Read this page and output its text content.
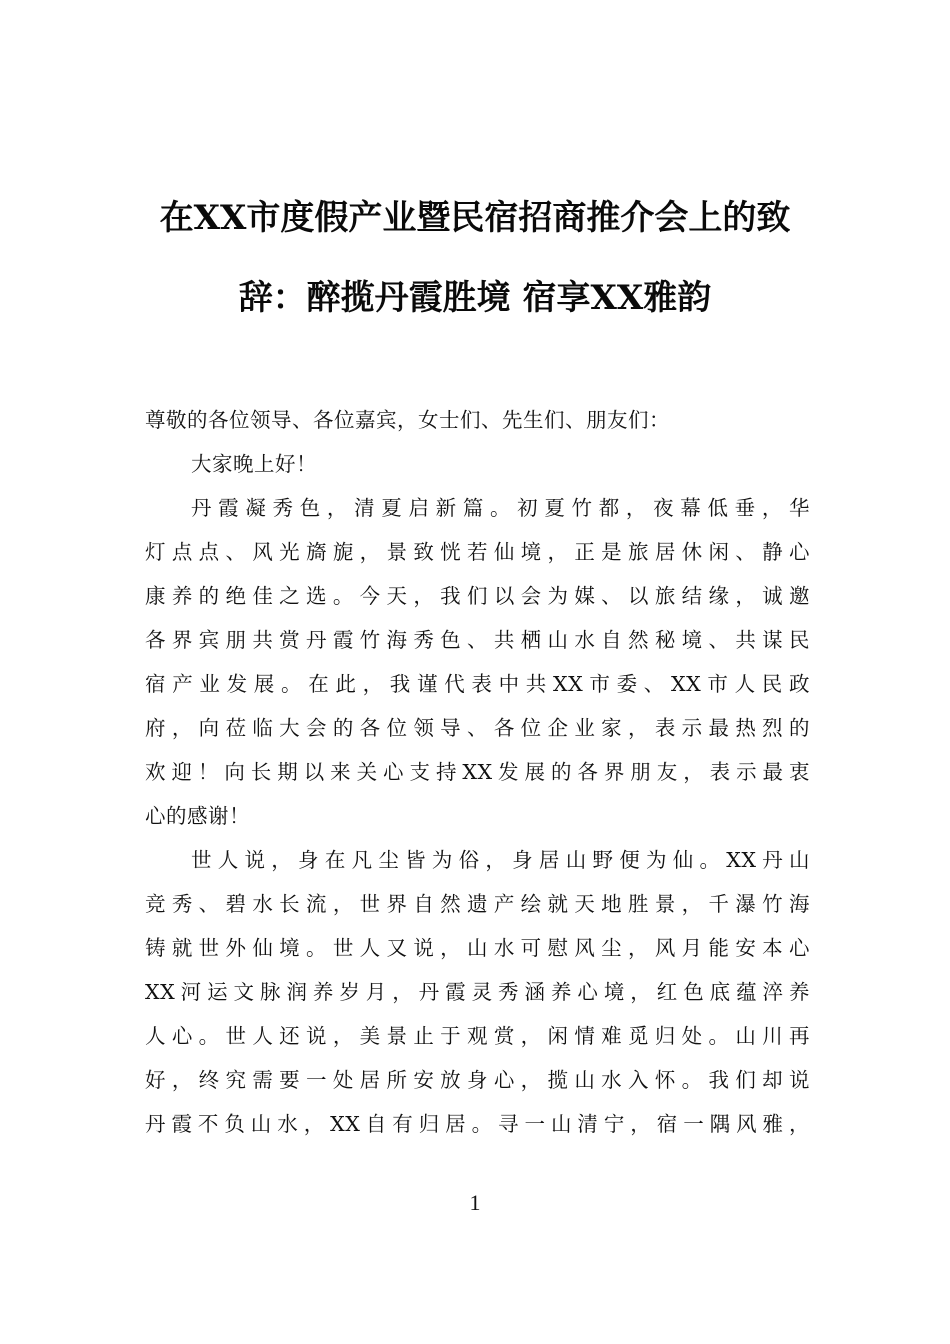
在XX市度假产业暨民宿招商推介会上的致
辞：醉揽丹霞胜境 宿享XX雅韵
尊敬的各位领导、各位嘉宾，女士们、先生们、朋友们：
大家晚上好！
丹霞凝秀色，清夏启新篇。初夏竹都，夜幕低垂，华
灯点点、风光旖旎，景致恍若仙境，正是旅居休闲、静心
康养的绝佳之选。今天，我们以会为媒、以旅结缘，诚邀
各界宾朋共赏丹霞竹海秀色、共栖山水自然秘境、共谋民
宿产业发展。在此，我谨代表中共XX市委、XX市人民政
府，向莅临大会的各位领导、各位企业家，表示最热烈的
欢迎！向长期以来关心支持XX发展的各界朋友，表示最衷
心的感谢！
世人说，身在凡尘皆为俗，身居山野便为仙。XX丹山
竞秀、碧水长流，世界自然遗产绘就天地胜景，千瀑竹海
铸就世外仙境。世人又说，山水可慰风尘，风月能安本心
XX河运文脉润养岁月，丹霞灵秀涵养心境，红色底蕴淬养
人心。世人还说，美景止于观赏，闲情难觅归处。山川再
好，终究需要一处居所安放身心，揽山水入怀。我们却说
丹霞不负山水，XX自有归居。寻一山清宁，宿一隅风雅，
1
